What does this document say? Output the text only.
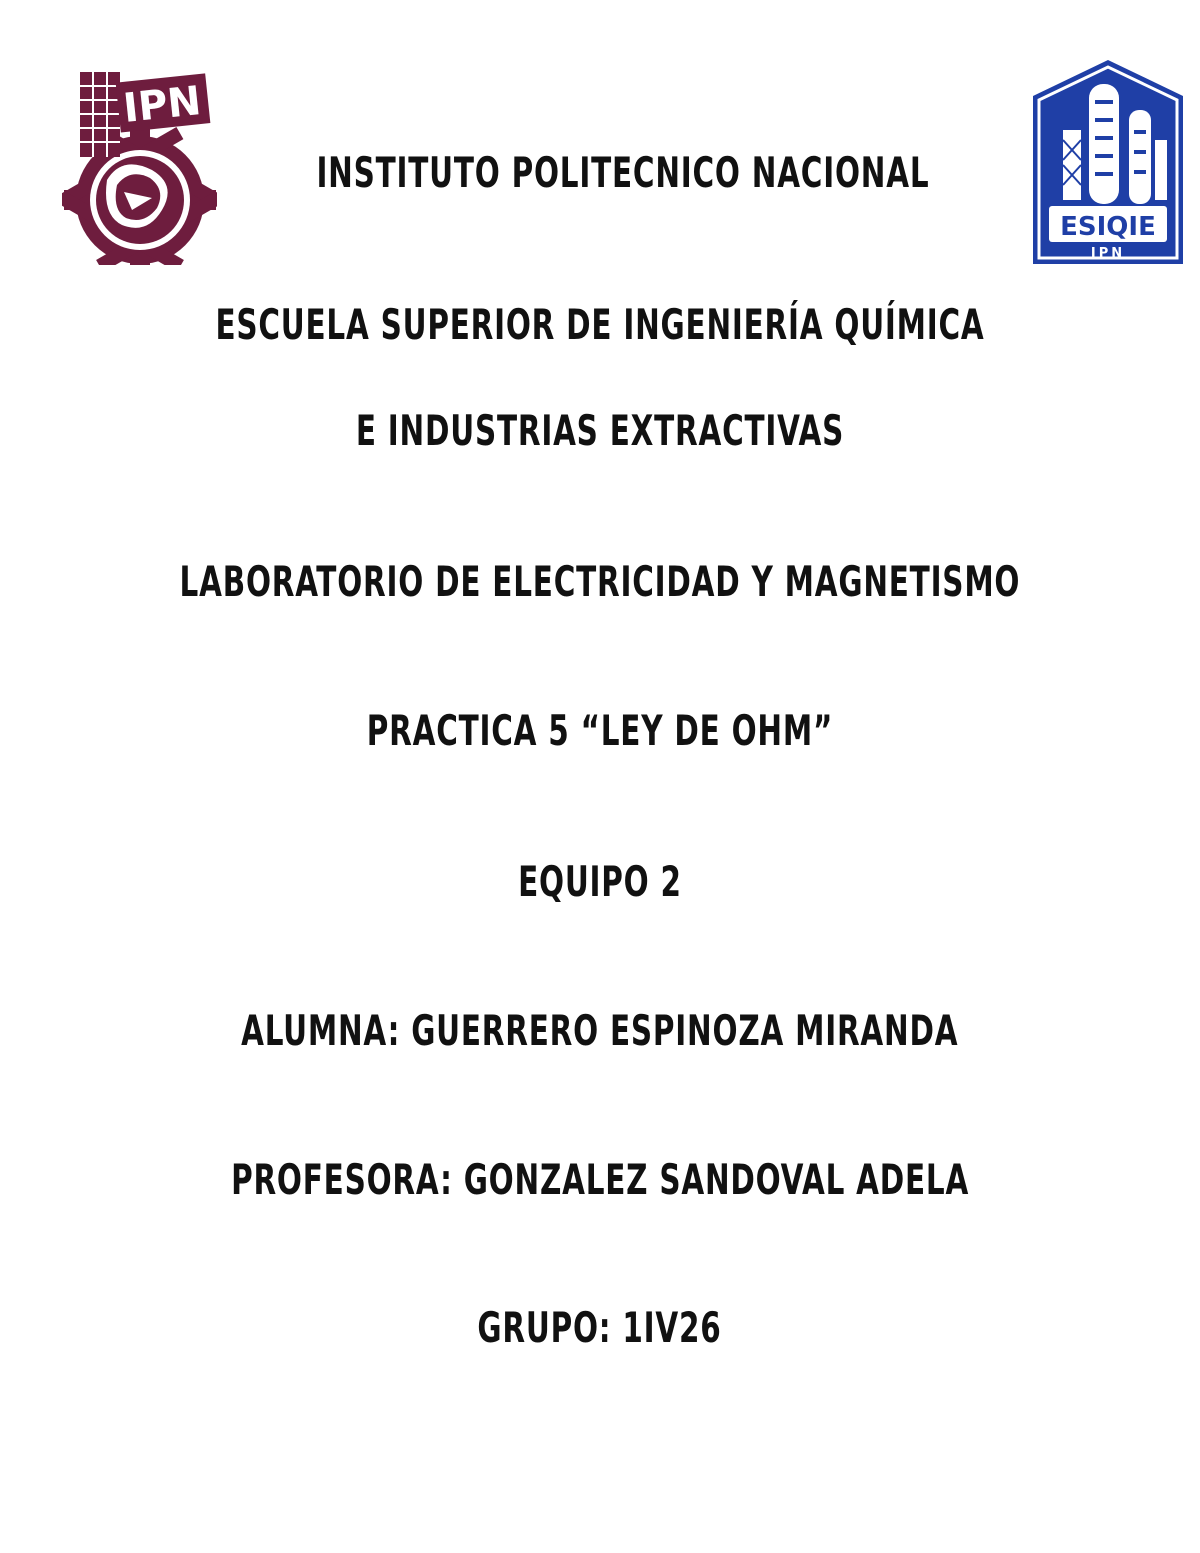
IPN
INSTITUTO POLITECNICO NACIONAL
ESIQIE
IPN
ESCUELA SUPERIOR DE INGENIERÍA QUÍMICA
E INDUSTRIAS EXTRACTIVAS
LABORATORIO DE ELECTRICIDAD Y MAGNETISMO
PRACTICA 5 “LEY DE OHM”
EQUIPO 2
ALUMNA: GUERRERO ESPINOZA MIRANDA
PROFESORA: GONZALEZ SANDOVAL ADELA
GRUPO: 1IV26
